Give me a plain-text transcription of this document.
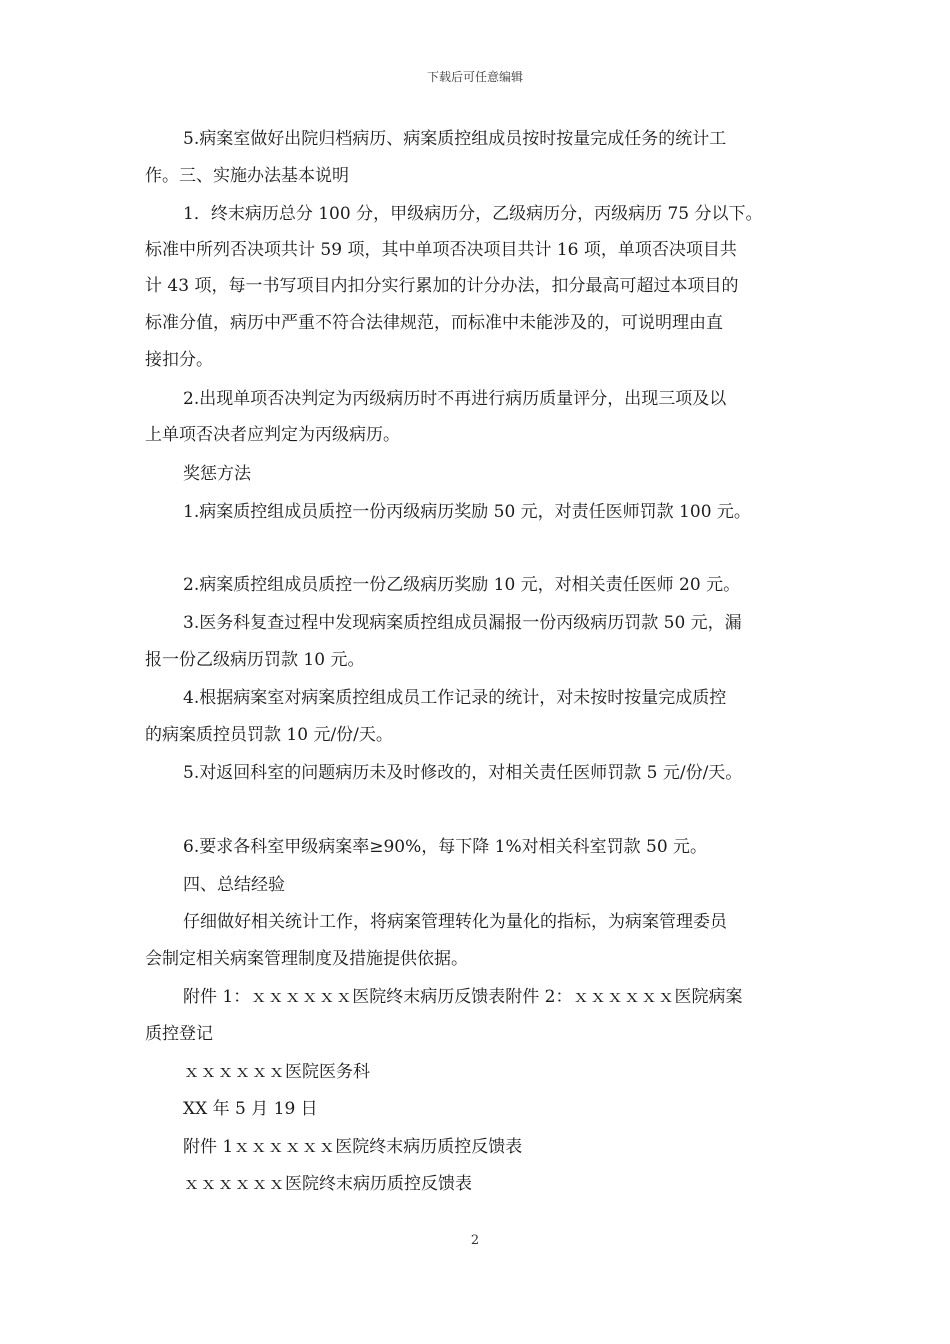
下载后可任意编辑
5.病案室做好出院归档病历、病案质控组成员按时按量完成任务的统计工
作。三、实施办法基本说明
1．终末病历总分 100 分，甲级病历分，乙级病历分，丙级病历 75 分以下。
标准中所列否决项共计 59 项，其中单项否决项目共计 16 项，单项否决项目共
计 43 项，每一书写项目内扣分实行累加的计分办法，扣分最高可超过本项目的
标准分值，病历中严重不符合法律规范，而标准中未能涉及的，可说明理由直
接扣分。
2.出现单项否决判定为丙级病历时不再进行病历质量评分，出现三项及以
上单项否决者应判定为丙级病历。
奖惩方法
1.病案质控组成员质控一份丙级病历奖励 50 元，对责任医师罚款 100 元。
2.病案质控组成员质控一份乙级病历奖励 10 元，对相关责任医师 20 元。
3.医务科复查过程中发现病案质控组成员漏报一份丙级病历罚款 50 元，漏
报一份乙级病历罚款 10 元。
4.根据病案室对病案质控组成员工作记录的统计，对未按时按量完成质控
的病案质控员罚款 10 元/份/天。
5.对返回科室的问题病历未及时修改的，对相关责任医师罚款 5 元/份/天。
6.要求各科室甲级病案率≥90%，每下降 1%对相关科室罚款 50 元。
四、总结经验
仔细做好相关统计工作，将病案管理转化为量化的指标，为病案管理委员
会制定相关病案管理制度及措施提供依据。
附件 1：ｘｘｘｘｘｘ医院终末病历反馈表附件 2：ｘｘｘｘｘｘ医院病案
质控登记
ｘｘｘｘｘｘ医院医务科
XX 年 5 月 19 日
附件 1ｘｘｘｘｘｘ医院终末病历质控反馈表
ｘｘｘｘｘｘ医院终末病历质控反馈表
2
